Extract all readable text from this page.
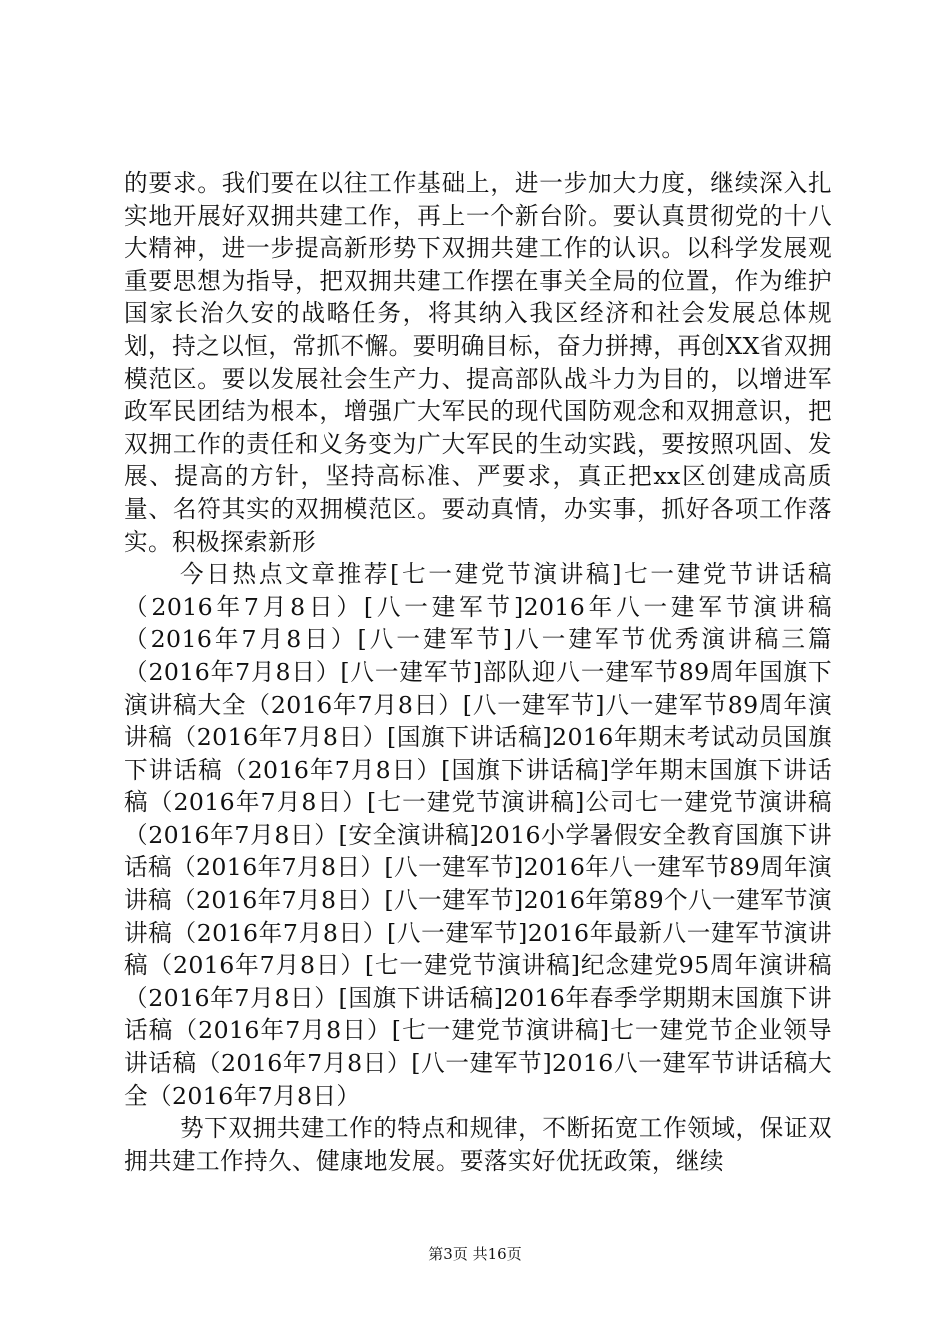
的要求。我们要在以往工作基础上，进一步加大力度，继续深入扎实地开展好双拥共建工作，再上一个新台阶。要认真贯彻党的十八大精神，进一步提高新形势下双拥共建工作的认识。以科学发展观重要思想为指导，把双拥共建工作摆在事关全局的位置，作为维护国家长治久安的战略任务，将其纳入我区经济和社会发展总体规划，持之以恒，常抓不懈。要明确目标，奋力拼搏，再创XX省双拥模范区。要以发展社会生产力、提高部队战斗力为目的，以增进军政军民团结为根本，增强广大军民的现代国防观念和双拥意识，把双拥工作的责任和义务变为广大军民的生动实践，要按照巩固、发展、提高的方针，坚持高标准、严要求，真正把xx区创建成高质量、名符其实的双拥模范区。要动真情，办实事，抓好各项工作落实。积极探索新形

今日热点文章推荐[七一建党节演讲稿]七一建党节讲话稿（2016年7月8日）[八一建军节]2016年八一建军节演讲稿（2016年7月8日）[八一建军节]八一建军节优秀演讲稿三篇（2016年7月8日）[八一建军节]部队迎八一建军节89周年国旗下演讲稿大全（2016年7月8日）[八一建军节]八一建军节89周年演讲稿（2016年7月8日）[国旗下讲话稿]2016年期末考试动员国旗下讲话稿（2016年7月8日）[国旗下讲话稿]学年期末国旗下讲话稿（2016年7月8日）[七一建党节演讲稿]公司七一建党节演讲稿（2016年7月8日）[安全演讲稿]2016小学暑假安全教育国旗下讲话稿（2016年7月8日）[八一建军节]2016年八一建军节89周年演讲稿（2016年7月8日）[八一建军节]2016年第89个八一建军节演讲稿（2016年7月8日）[八一建军节]2016年最新八一建军节演讲稿（2016年7月8日）[七一建党节演讲稿]纪念建党95周年演讲稿（2016年7月8日）[国旗下讲话稿]2016年春季学期期末国旗下讲话稿（2016年7月8日）[七一建党节演讲稿]七一建党节企业领导讲话稿（2016年7月8日）[八一建军节]2016八一建军节讲话稿大全（2016年7月8日）

势下双拥共建工作的特点和规律，不断拓宽工作领域，保证双拥共建工作持久、健康地发展。要落实好优抚政策，继续

第3页 共16页
